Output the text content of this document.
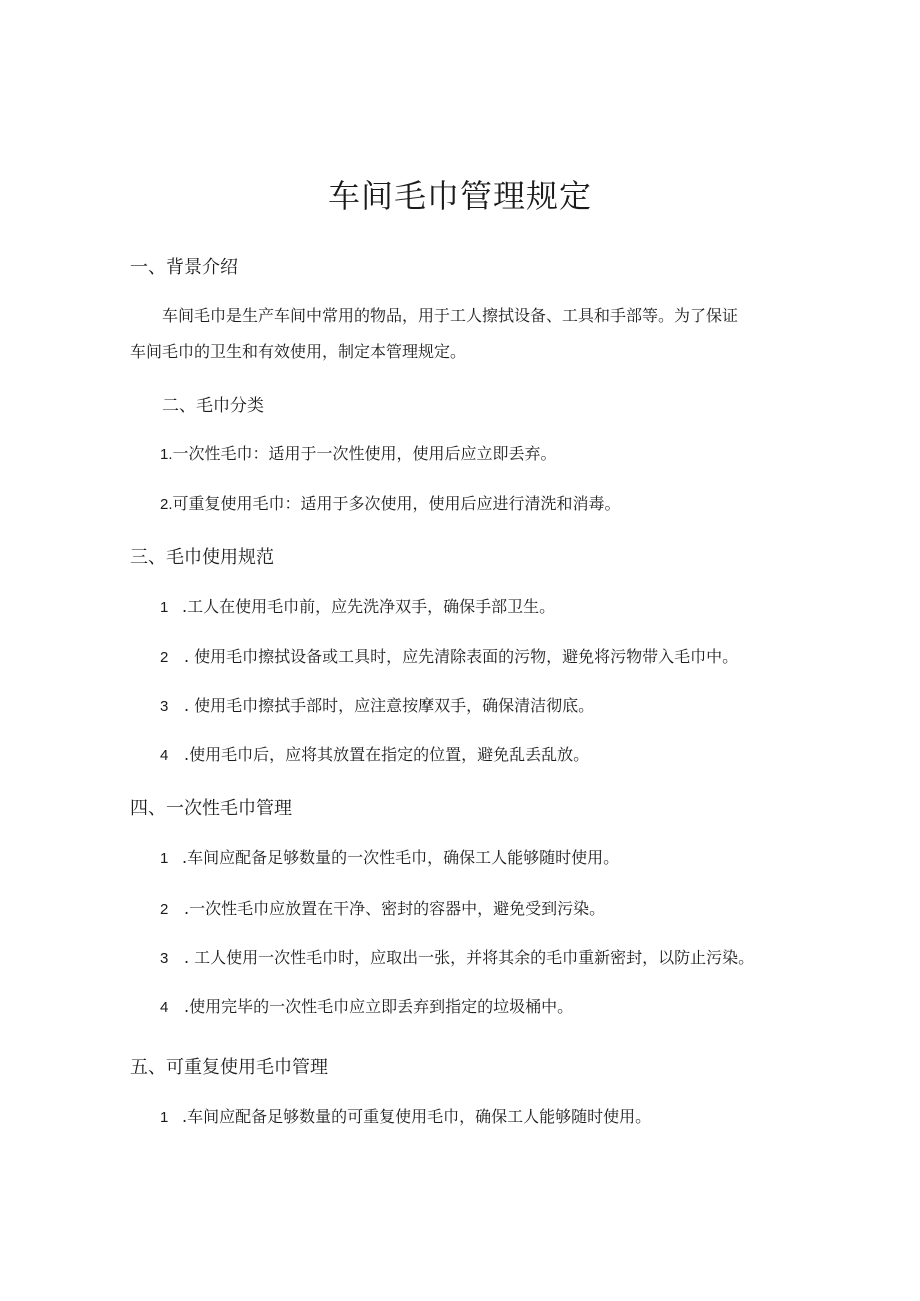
车间毛巾管理规定
一、背景介绍
车间毛巾是生产车间中常用的物品，用于工人擦拭设备、工具和手部等。为了保证
车间毛巾的卫生和有效使用，制定本管理规定。
二、毛巾分类
1.一次性毛巾：适用于一次性使用，使用后应立即丢弃。
2.可重复使用毛巾：适用于多次使用，使用后应进行清洗和消毒。
三、毛巾使用规范
1 .工人在使用毛巾前，应先洗净双手，确保手部卫生。
2 . 使用毛巾擦拭设备或工具时，应先清除表面的污物，避免将污物带入毛巾中。
3 . 使用毛巾擦拭手部时，应注意按摩双手，确保清洁彻底。
4 .使用毛巾后，应将其放置在指定的位置，避免乱丢乱放。
四、一次性毛巾管理
1 .车间应配备足够数量的一次性毛巾，确保工人能够随时使用。
2 .一次性毛巾应放置在干净、密封的容器中，避免受到污染。
3 . 工人使用一次性毛巾时，应取出一张，并将其余的毛巾重新密封，以防止污染。
4 .使用完毕的一次性毛巾应立即丢弃到指定的垃圾桶中。
五、可重复使用毛巾管理
1 .车间应配备足够数量的可重复使用毛巾，确保工人能够随时使用。
